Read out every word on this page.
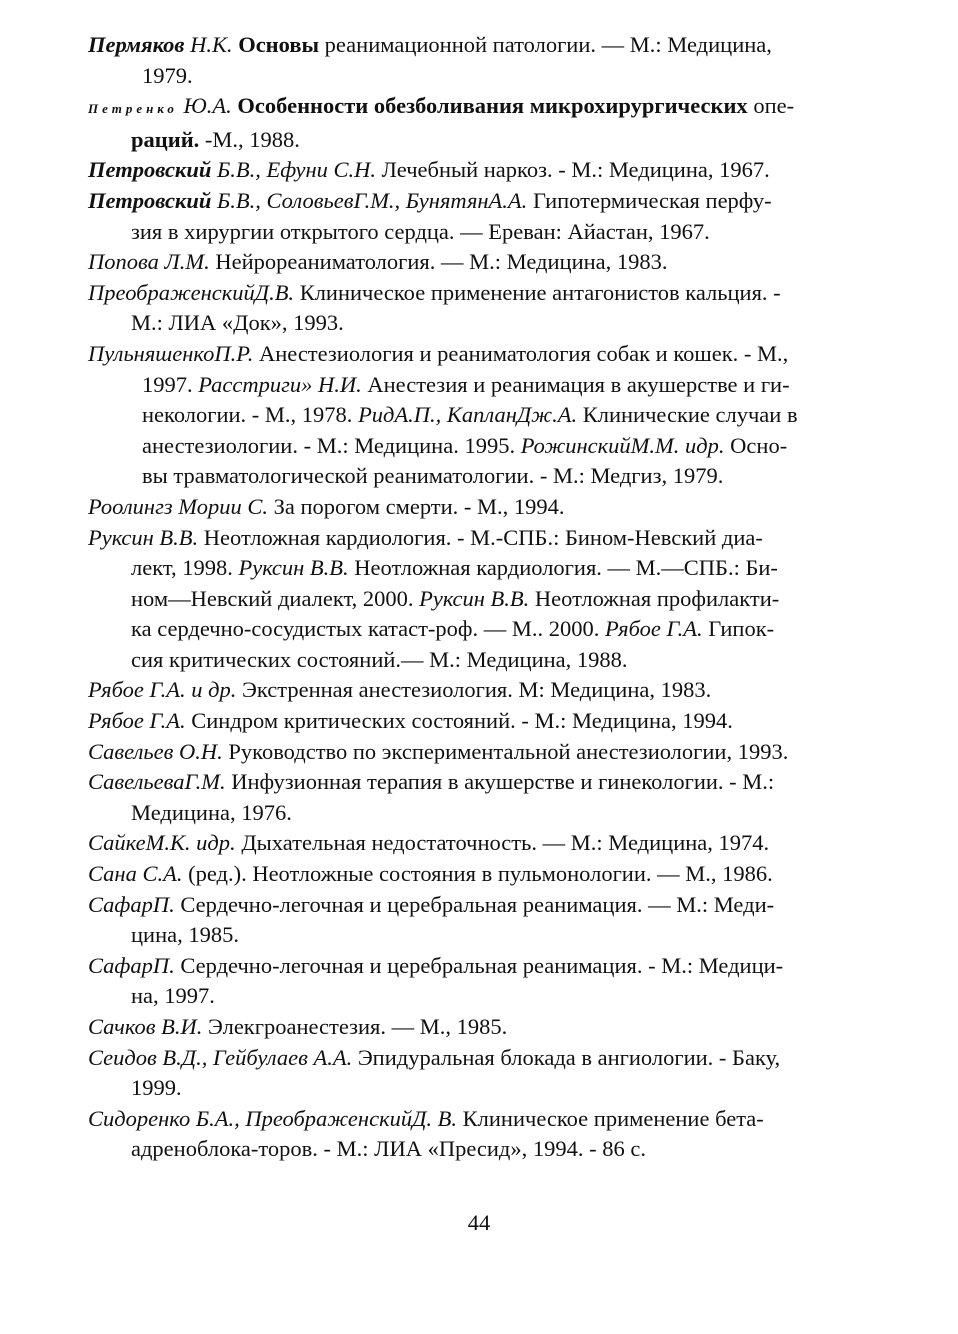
Пермяков Н.К. Основы реанимационной патологии. — М.: Медицина,
1979.
Петренко Ю.А. Особенности обезболивания микрохирургических опе-
раций. -М., 1988.
Петровский Б.В., Ефуни С.Н. Лечебный наркоз. - М.: Медицина, 1967.
Петровский Б.В., СоловьевГ.М., БунятянА.А. Гипотермическая перфу-
зия в хирургии открытого сердца. — Ереван: Айастан, 1967.
Попова Л.М. Нейрореаниматология. — М.: Медицина, 1983.
ПреображенскийД.В. Клиническое применение антагонистов кальция. -
М.: ЛИА «Док», 1993.
ПульняшенкоП.Р. Анестезиология и реаниматология собак и кошек. - М.,
1997. Расстриги» Н.И. Анестезия и реанимация в акушерстве и ги-
некологии. - М., 1978. РидА.П., КапланДж.А. Клинические случаи в
анестезиологии. - М.: Медицина. 1995. РожинскийМ.М. идр. Осно-
вы травматологической реаниматологии. - М.: Медгиз, 1979.
Роолингз Мории С. За порогом смерти. - М., 1994.
Руксин В.В. Неотложная кардиология. - М.-СПБ.: Бином-Невский диа-
лект, 1998. Руксин В.В. Неотложная кардиология. — М.—СПБ.: Би-
ном—Невский диалект, 2000. Руксин В.В. Неотложная профилакти-
ка сердечно-сосудистых катаст-роф. — М.. 2000. Рябое Г.А. Гипок-
сия критических состояний.— М.: Медицина, 1988.
Рябое Г.А. и др. Экстренная анестезиология. М: Медицина, 1983.
Рябое Г.А. Синдром критических состояний. - М.: Медицина, 1994.
Савельев О.Н. Руководство по экспериментальной анестезиологии, 1993.
СавельеваГ.М. Инфузионная терапия в акушерстве и гинекологии. - М.:
Медицина, 1976.
СайкеМ.К. идр. Дыхательная недостаточность. — М.: Медицина, 1974.
Сана С.А. (ред.). Неотложные состояния в пульмонологии. — М., 1986.
СафарП. Сердечно-легочная и церебральная реанимация. — М.: Меди-
цина, 1985.
СафарП. Сердечно-легочная и церебральная реанимация. - М.: Медици-
на, 1997.
Сачков В.И. Элекгроанестезия. — М., 1985.
Сеидов В.Д., Гейбулаев А.А. Эпидуральная блокада в ангиологии. - Баку,
1999.
Сидоренко Б.А., ПреображенскийД. В. Клиническое применение бета-
адреноблока-торов. - М.: ЛИА «Пресид», 1994. - 86 с.
44
